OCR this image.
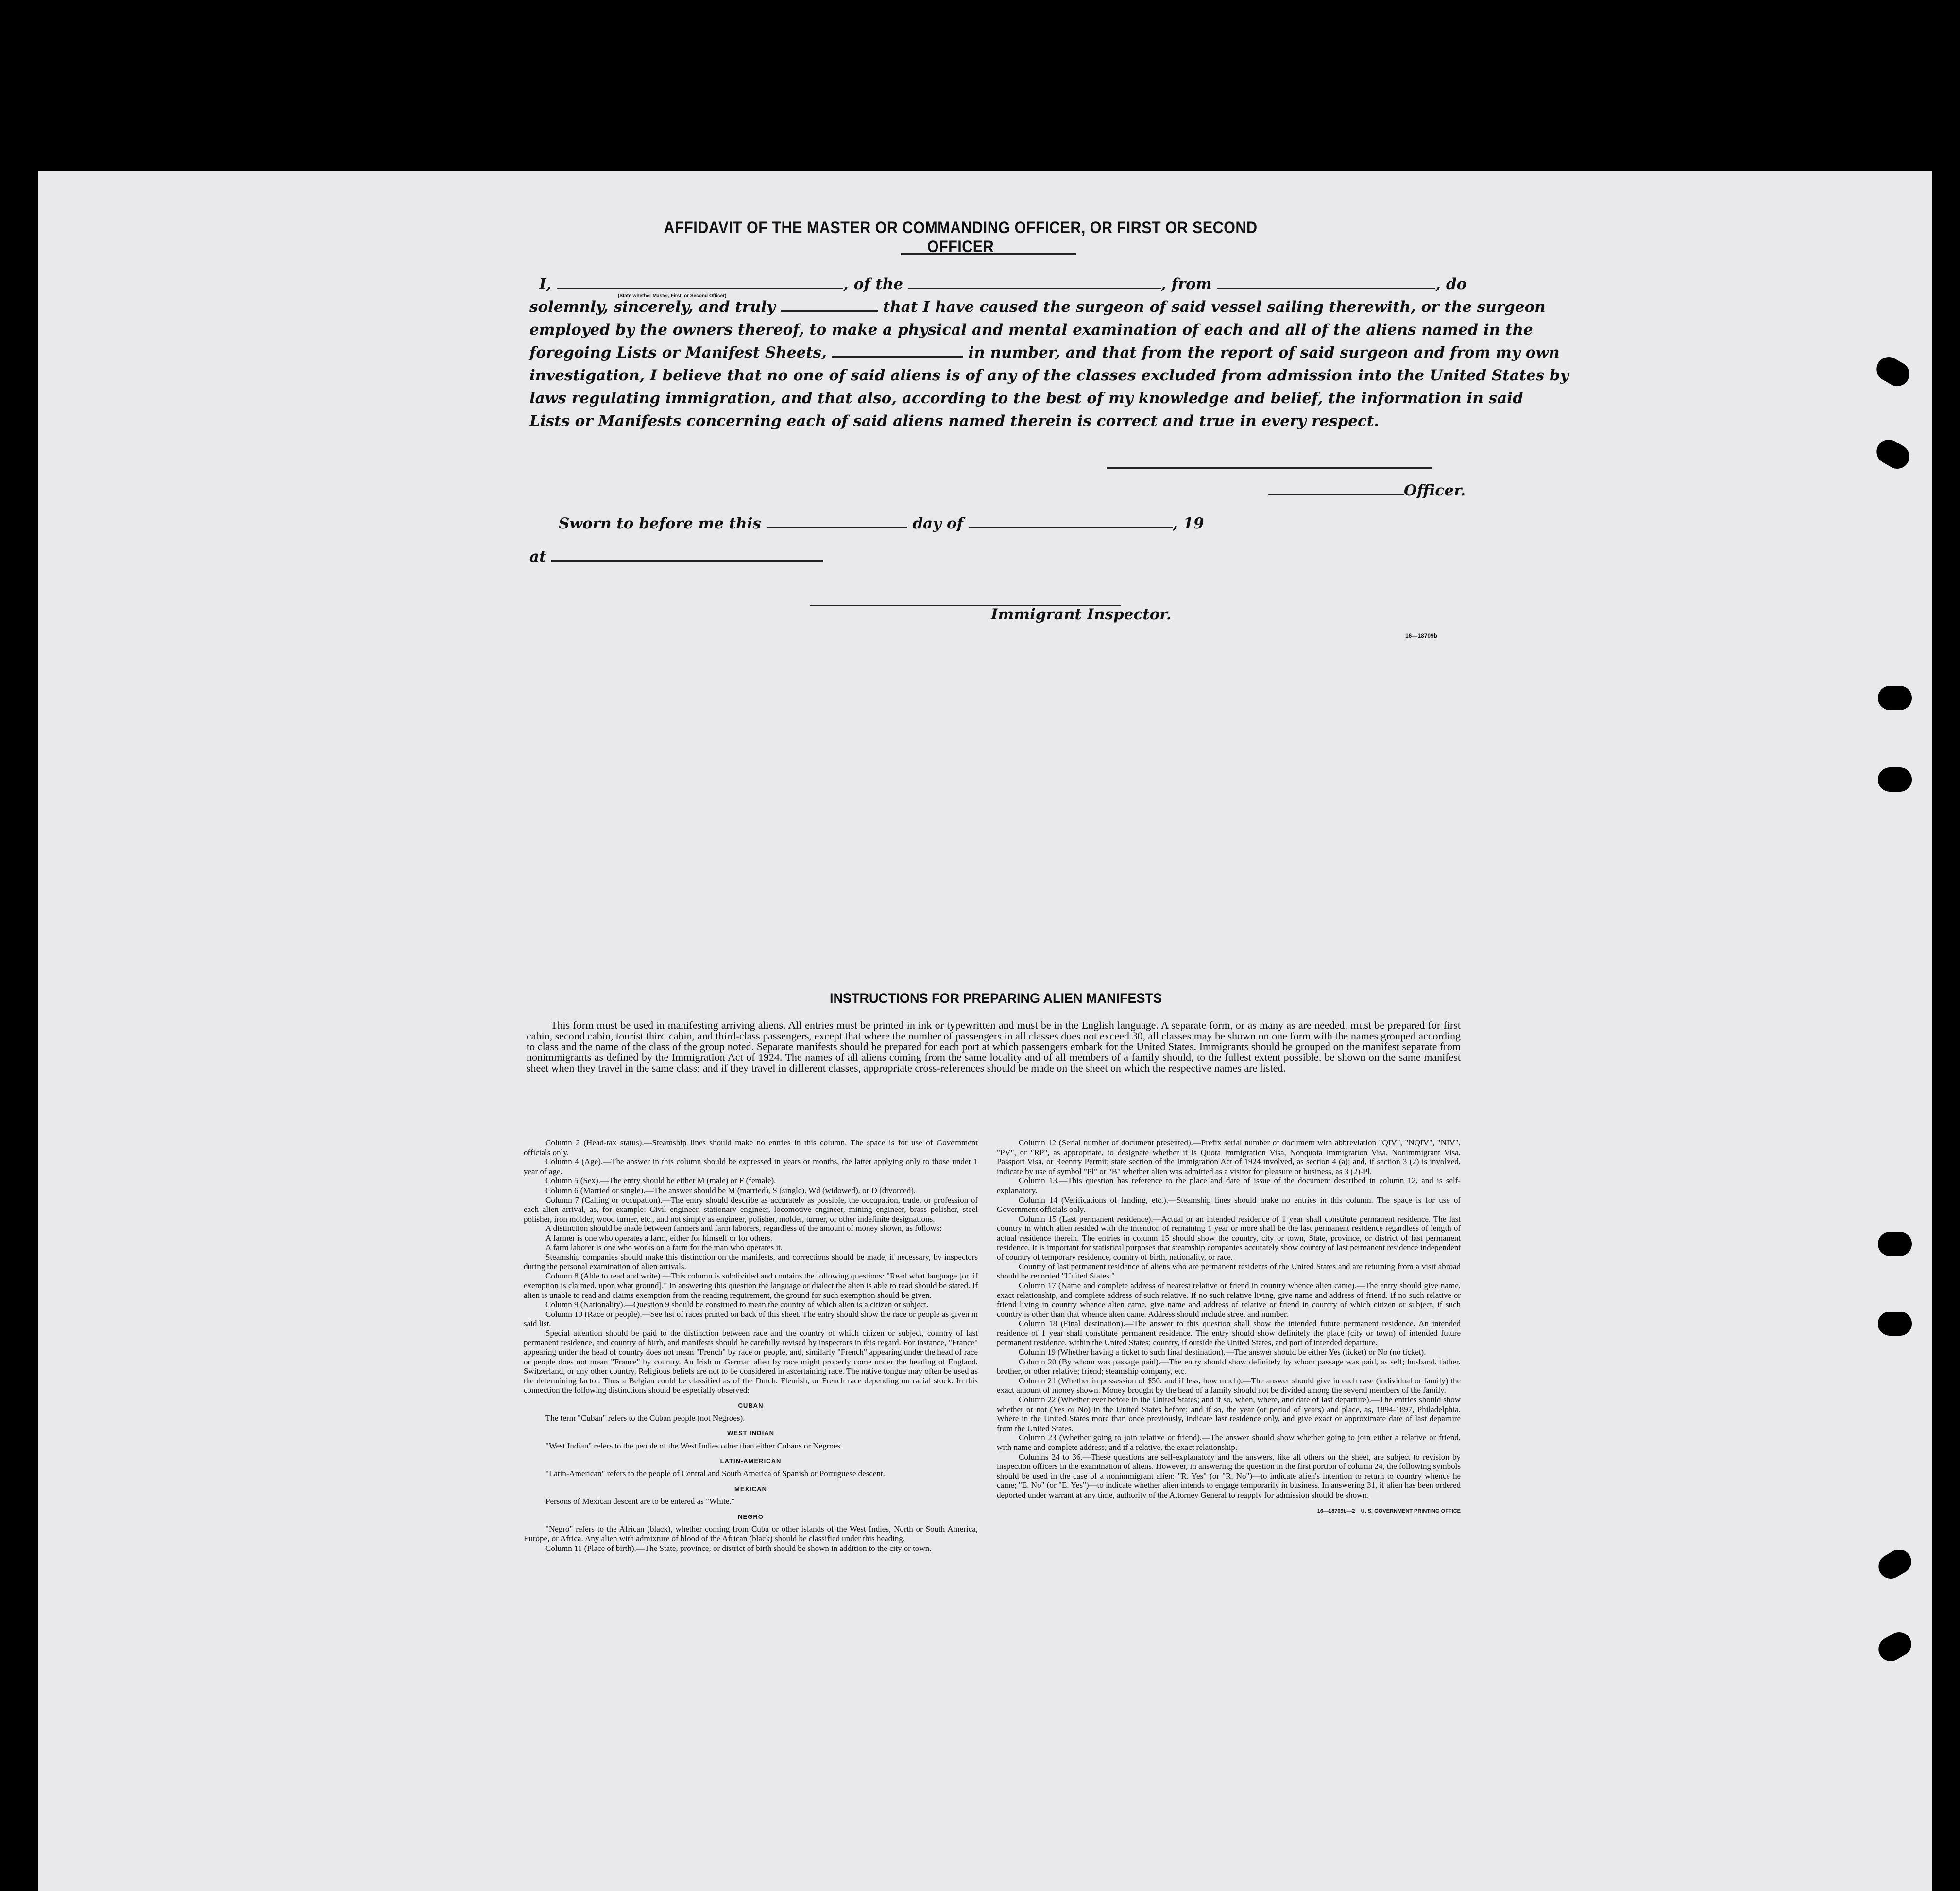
AFFIDAVIT OF THE MASTER OR COMMANDING OFFICER, OR FIRST OR SECOND OFFICER
I,	, of the	, from	, do
(State whether Master, First, or Second Officer)
solemnly, sincerely, and truly	that I have caused the surgeon of said vessel sailing therewith, or the surgeon
employed by the owners thereof, to make a physical and mental examination of each and all of the aliens named in the
foregoing Lists or Manifest Sheets,	in number, and that from the report of said surgeon and from my own
investigation, I believe that no one of said aliens is of any of the classes excluded from admission into the United States by
laws regulating immigration, and that also, according to the best of my knowledge and belief, the information in said
Lists or Manifests concerning each of said aliens named therein is correct and true in every respect.
Officer.
Sworn to before me this	day of	, 19
at
Immigrant Inspector.
16—18709b
INSTRUCTIONS FOR PREPARING ALIEN MANIFESTS
This form must be used in manifesting arriving aliens. All entries must be printed in ink or typewritten and must be in the English language. A separate form, or as many as are needed, must be prepared for first cabin, second cabin, tourist third cabin, and third-class passengers, except that where the number of passengers in all classes does not exceed 30, all classes may be shown on one form with the names grouped according to class and the name of the class of the group noted. Separate manifests should be prepared for each port at which passengers embark for the United States. Immigrants should be grouped on the manifest separate from nonimmigrants as defined by the Immigration Act of 1924. The names of all aliens coming from the same locality and of all members of a family should, to the fullest extent possible, be shown on the same manifest sheet when they travel in the same class; and if they travel in different classes, appropriate cross-references should be made on the sheet on which the respective names are listed.

Column 2 (Head-tax status).—Steamship lines should make no entries in this column. The space is for use of Government officials only.

Column 4 (Age).—The answer in this column should be expressed in years or months, the latter applying only to those under 1 year of age.

Column 5 (Sex).—The entry should be either M (male) or F (female).

Column 6 (Married or single).—The answer should be M (married), S (single), Wd (widowed), or D (divorced).

Column 7 (Calling or occupation).—The entry should describe as accurately as possible, the occupation, trade, or profession of each alien arrival, as, for example: Civil engineer, stationary engineer, locomotive engineer, mining engineer, brass polisher, steel polisher, iron molder, wood turner, etc., and not simply as engineer, polisher, molder, turner, or other indefinite designations.

A distinction should be made between farmers and farm laborers, regardless of the amount of money shown, as follows:

A farmer is one who operates a farm, either for himself or for others.

A farm laborer is one who works on a farm for the man who operates it.

Steamship companies should make this distinction on the manifests, and corrections should be made, if necessary, by inspectors during the personal examination of alien arrivals.

Column 8 (Able to read and write).—This column is subdivided and contains the following questions: "Read what language [or, if exemption is claimed, upon what ground]." In answering this question the language or dialect the alien is able to read should be stated. If alien is unable to read and claims exemption from the reading requirement, the ground for such exemption should be given.

Column 9 (Nationality).—Question 9 should be construed to mean the country of which alien is a citizen or subject.

Column 10 (Race or people).—See list of races printed on back of this sheet. The entry should show the race or people as given in said list.

Special attention should be paid to the distinction between race and the country of which citizen or subject, country of last permanent residence, and country of birth, and manifests should be carefully revised by inspectors in this regard. For instance, "France" appearing under the head of country does not mean "French" by race or people, and, similarly "French" appearing under the head of race or people does not mean "France" by country. An Irish or German alien by race might properly come under the heading of England, Switzerland, or any other country. Religious beliefs are not to be considered in ascertaining race. The native tongue may often be used as the determining factor. Thus a Belgian could be classified as of the Dutch, Flemish, or French race depending on racial stock. In this connection the following distinctions should be especially observed:

CUBAN

The term "Cuban" refers to the Cuban people (not Negroes).

WEST INDIAN

"West Indian" refers to the people of the West Indies other than either Cubans or Negroes.

LATIN-AMERICAN

"Latin-American" refers to the people of Central and South America of Spanish or Portuguese descent.

MEXICAN

Persons of Mexican descent are to be entered as "White."

NEGRO

"Negro" refers to the African (black), whether coming from Cuba or other islands of the West Indies, North or South America, Europe, or Africa. Any alien with admixture of blood of the African (black) should be classified under this heading.

Column 11 (Place of birth).—The State, province, or district of birth should be shown in addition to the city or town.

Column 12 (Serial number of document presented).—Prefix serial number of document with abbreviation "QIV", "NQIV", "NIV", "PV", or "RP", as appropriate, to designate whether it is Quota Immigration Visa, Nonquota Immigration Visa, Nonimmigrant Visa, Passport Visa, or Reentry Permit; state section of the Immigration Act of 1924 involved, as section 4 (a); and, if section 3 (2) is involved, indicate by use of symbol "Pl" or "B" whether alien was admitted as a visitor for pleasure or business, as 3 (2)-Pl.

Column 13.—This question has reference to the place and date of issue of the document described in column 12, and is self-explanatory.

Column 14 (Verifications of landing, etc.).—Steamship lines should make no entries in this column. The space is for use of Government officials only.

Column 15 (Last permanent residence).—Actual or an intended residence of 1 year shall constitute permanent residence. The last country in which alien resided with the intention of remaining 1 year or more shall be the last permanent residence regardless of length of actual residence therein. The entries in column 15 should show the country, city or town, State, province, or district of last permanent residence. It is important for statistical purposes that steamship companies accurately show country of last permanent residence independent of country of temporary residence, country of birth, nationality, or race.

Country of last permanent residence of aliens who are permanent residents of the United States and are returning from a visit abroad should be recorded "United States."

Column 17 (Name and complete address of nearest relative or friend in country whence alien came).—The entry should give name, exact relationship, and complete address of such relative. If no such relative living, give name and address of friend. If no such relative or friend living in country whence alien came, give name and address of relative or friend in country of which citizen or subject, if such country is other than that whence alien came. Address should include street and number.

Column 18 (Final destination).—The answer to this question shall show the intended future permanent residence. An intended residence of 1 year shall constitute permanent residence. The entry should show definitely the place (city or town) of intended future permanent residence, within the United States; country, if outside the United States, and port of intended departure.

Column 19 (Whether having a ticket to such final destination).—The answer should be either Yes (ticket) or No (no ticket).

Column 20 (By whom was passage paid).—The entry should show definitely by whom passage was paid, as self; husband, father, brother, or other relative; friend; steamship company, etc.

Column 21 (Whether in possession of $50, and if less, how much).—The answer should give in each case (individual or family) the exact amount of money shown. Money brought by the head of a family should not be divided among the several members of the family.

Column 22 (Whether ever before in the United States; and if so, when, where, and date of last departure).—The entries should show whether or not (Yes or No) in the United States before; and if so, the year (or period of years) and place, as, 1894-1897, Philadelphia. Where in the United States more than once previously, indicate last residence only, and give exact or approximate date of last departure from the United States.

Column 23 (Whether going to join relative or friend).—The answer should show whether going to join either a relative or friend, with name and complete address; and if a relative, the exact relationship.

Columns 24 to 36.—These questions are self-explanatory and the answers, like all others on the sheet, are subject to revision by inspection officers in the examination of aliens. However, in answering the question in the first portion of column 24, the following symbols should be used in the case of a nonimmigrant alien: "R. Yes" (or "R. No")—to indicate alien's intention to return to country whence he came; "E. No" (or "E. Yes")—to indicate whether alien intends to engage temporarily in business. In answering 31, if alien has been ordered deported under warrant at any time, authority of the Attorney General to reapply for admission should be shown.

16—18709b—2    U. S. GOVERNMENT PRINTING OFFICE
